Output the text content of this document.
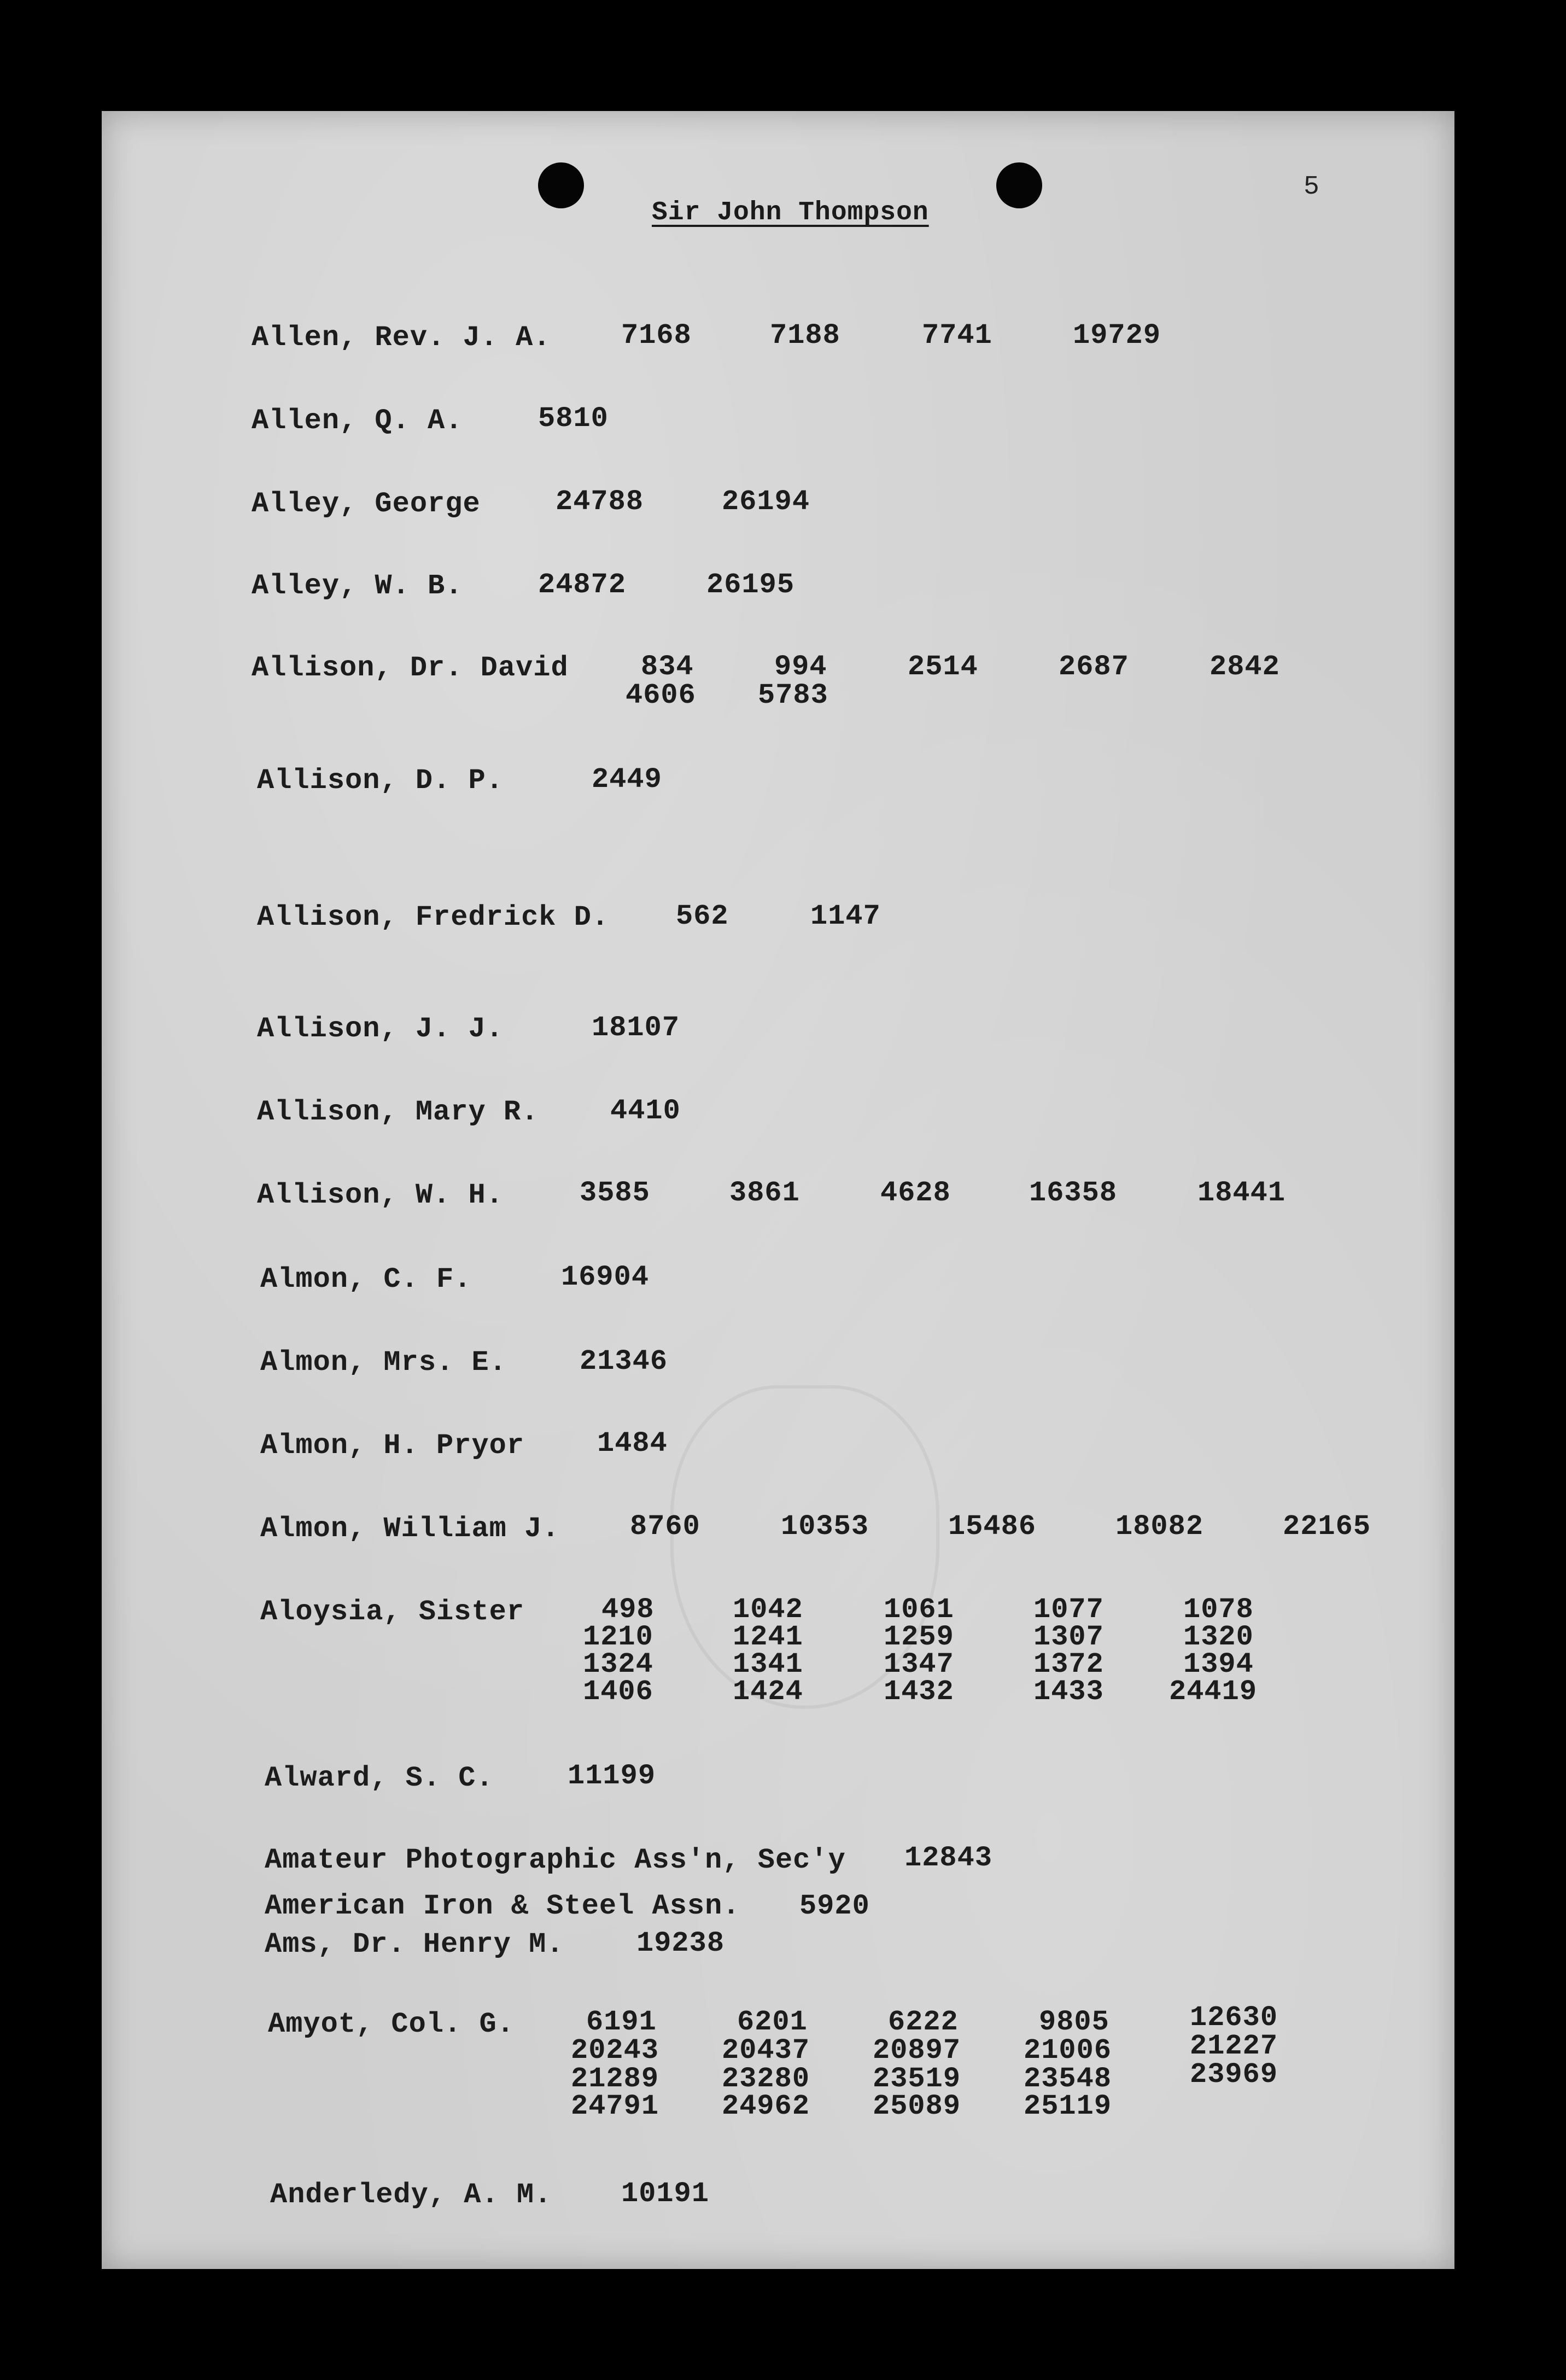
5
Sir John Thompson
Allen, Rev. J. A. 7168	7188	7741	19729
Allen, Q. A.	5810
Alley, George	24788	26194
Alley, W. B.	24872	26195
Allison, Dr. David	834	994	2514	2687	2842
4606 5783
Allison, D. P.	2449
Allison, Fredrick D. 562	1147
Allison, J. J.	18107
Allison, Mary R.	4410
Allison, W. H.	3585	3861	4628	16358	18441
Almon, C. F.	16904
Almon, Mrs. E.	21346
Almon, H. Pryor	1484
Almon, William J. 8760	10353	15486	18082	22165
Aloysia, Sister	498	1042	1061	1077	1078
1210	1241	1259	1307	1320
1324	1341	1347	1372	1394
1406	1424	1432	1433 24419
Alward, S. C.	11199
Amateur Photographic Ass'n, Sec'y 12843
American Iron & Steel Assn. 5920
Ams, Dr. Henry M.	19238
Amyot, Col. G.	6191	6201	6222	9805	12630
20243 20437 20897 21006	21227
21289 23280 23519 23548	23969
24791 24962 25089 25119
Anderledy, A. M. 10191
